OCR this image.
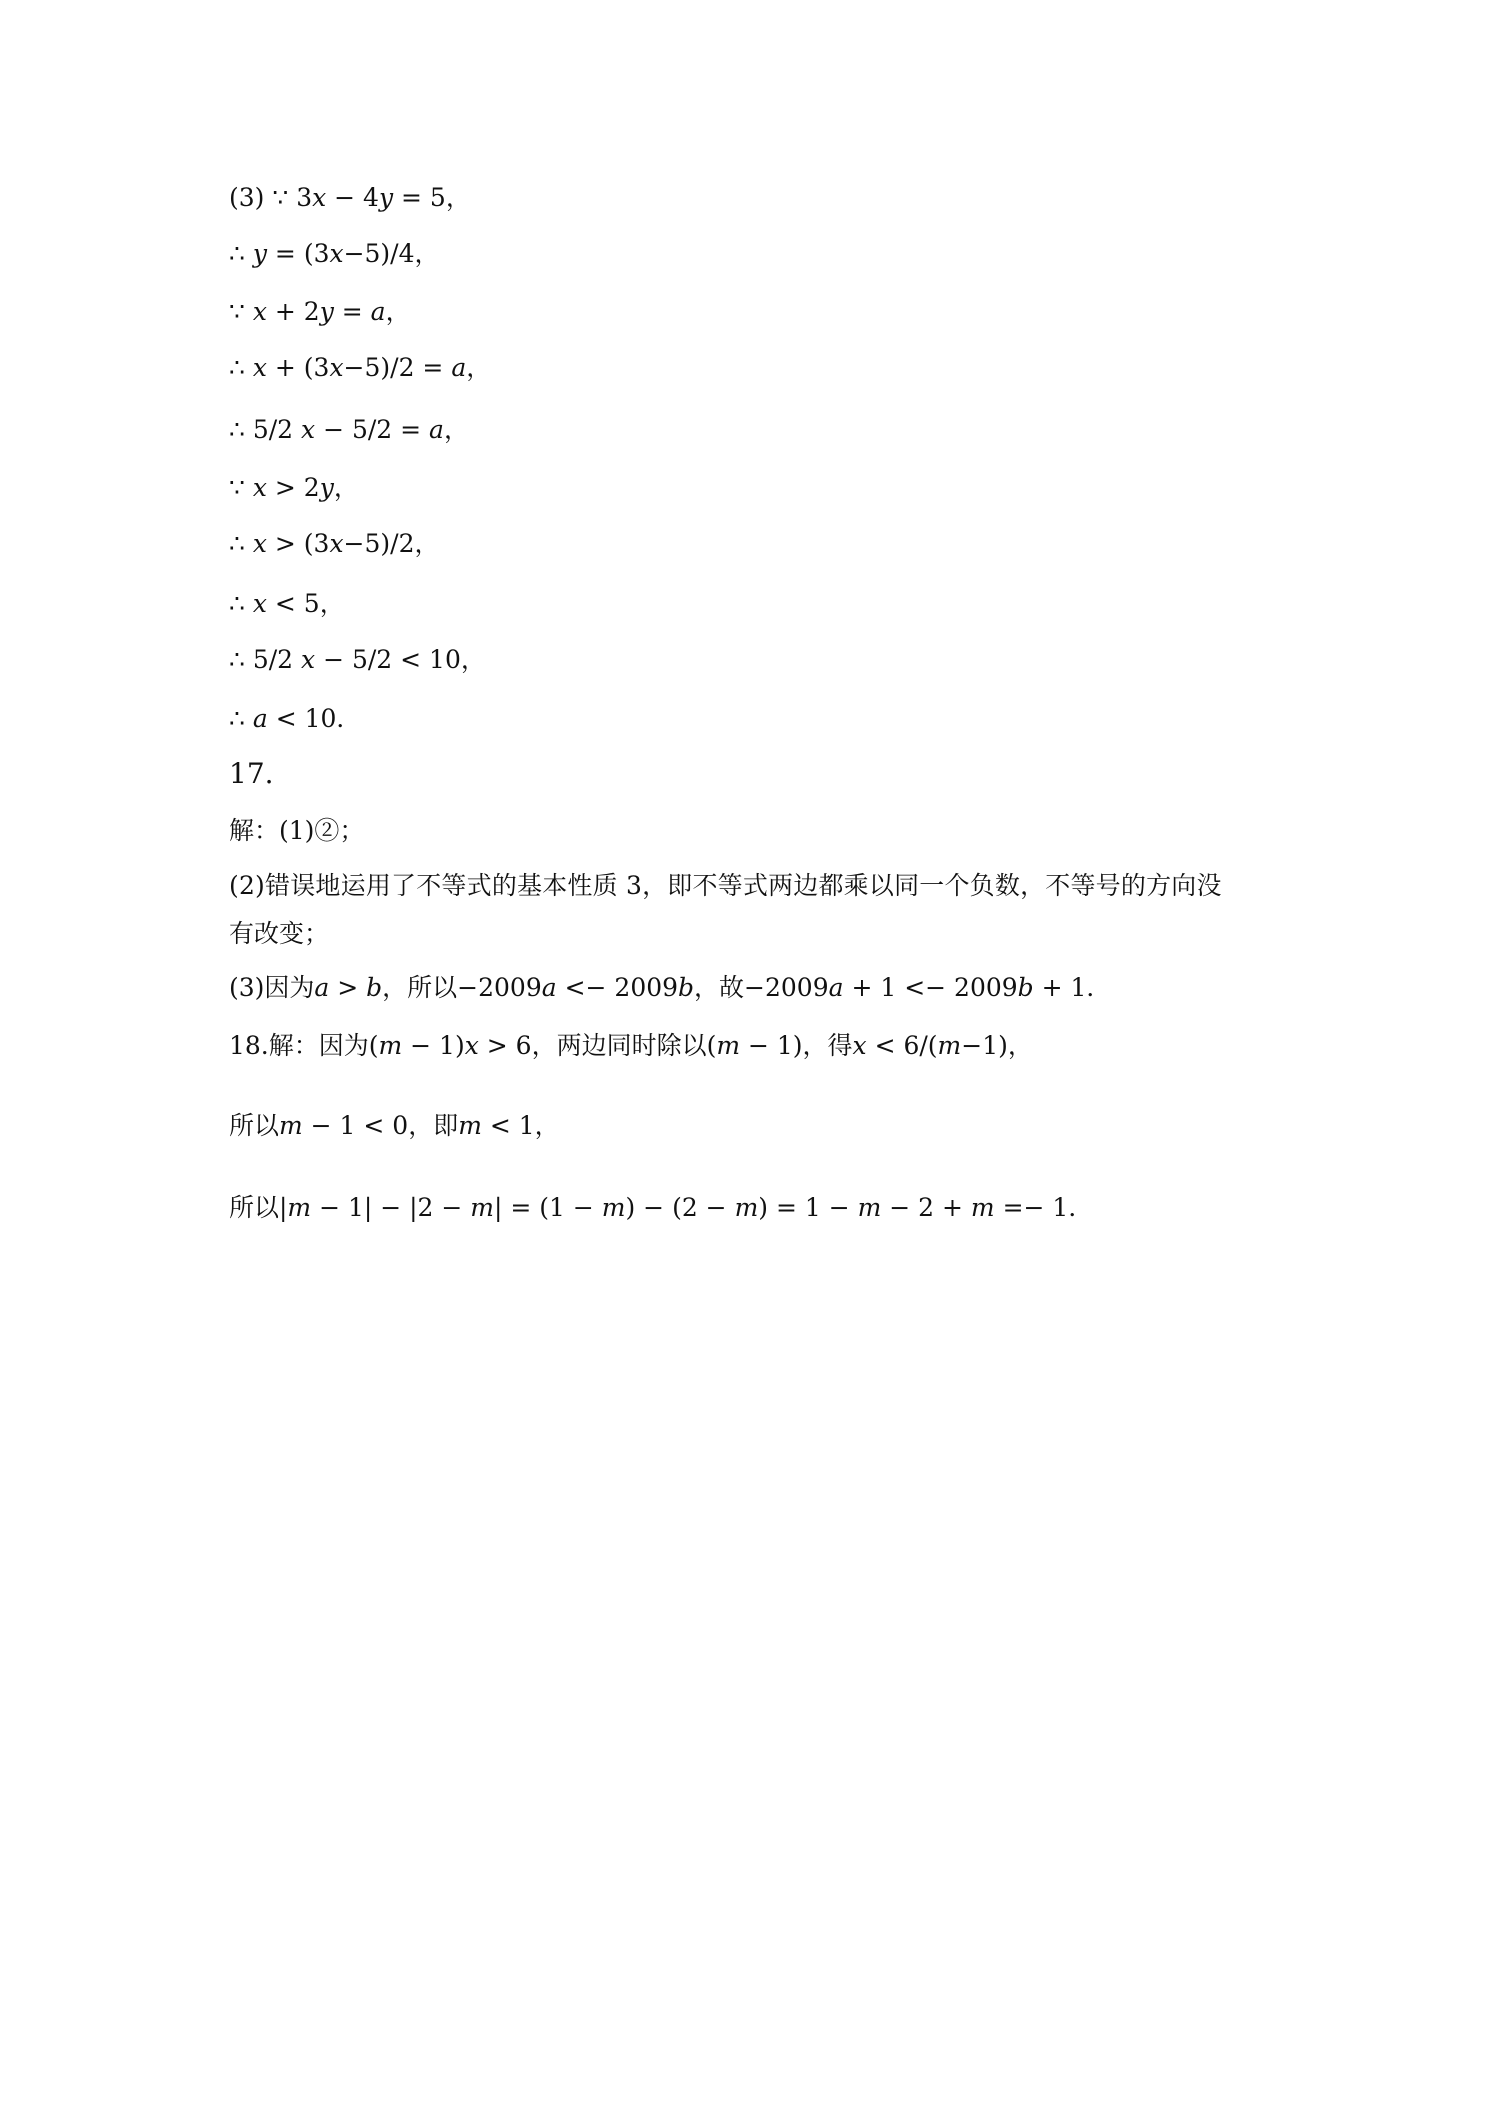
(3) ∵ 3𝑥 − 4𝑦 = 5，
∴ 𝑦 = (3𝑥−5)/4，
∵ 𝑥 + 2𝑦 = 𝑎，
∴ 𝑥 + (3𝑥−5)/2 = 𝑎，
∴ 5/2 𝑥 − 5/2 = 𝑎，
∵ 𝑥 > 2𝑦，
∴ 𝑥 > (3𝑥−5)/2，
∴ 𝑥 < 5，
∴ 5/2 𝑥 − 5/2 < 10，
∴ 𝑎 < 10．
17.
解：(1)②；
(2)错误地运用了不等式的基本性质 3，即不等式两边都乘以同一个负数，不等号的方向没
有改变；
(3)因为𝑎 > 𝑏，所以−2009𝑎 <− 2009𝑏，故−2009𝑎 + 1 <− 2009𝑏 + 1．
18.解：因为(𝑚 − 1)𝑥 > 6，两边同时除以(𝑚 − 1)，得𝑥 < 6/(𝑚−1)，
所以𝑚 − 1 < 0，即𝑚 < 1，
所以|𝑚 − 1| − |2 − 𝑚| = (1 − 𝑚) − (2 − 𝑚) = 1 − 𝑚 − 2 + 𝑚 =− 1．
